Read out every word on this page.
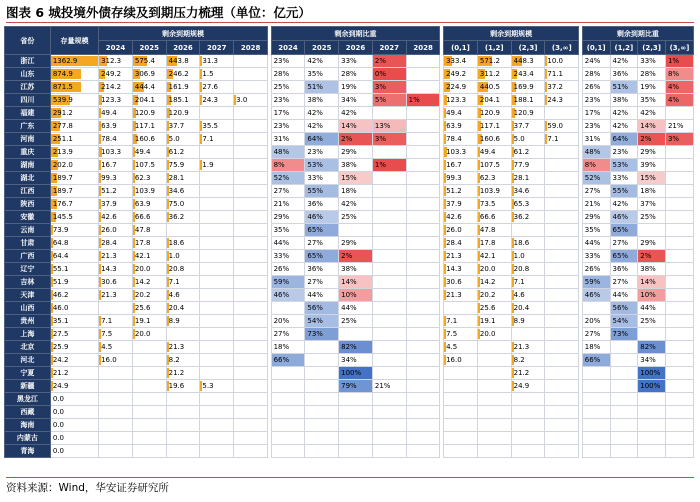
图表 6 城投境外债存续及到期压力梳理（单位：亿元）
省份	存量规模	剩余到期规模						剩余到期比重						剩余到期规模					剩余到期比重			
		2024	2025	2026	2027	2028		2024	2025	2026	2027	2028		(0,1]	(1,2]	(2,3]	(3,∞]		(0,1]	(1,2]	(2,3]	(3,∞]
浙江	1362.9	312.3	575.4	443.8	31.3			23%	42%	33%	2%			333.4	571.2	448.3	10.0		24%	42%	33%	1%
山东	874.9	249.2	306.9	246.2	1.5			28%	35%	28%	0%			249.2	311.2	243.4	71.1		28%	36%	28%	8%
江苏	871.5	214.2	444.4	161.9	27.6			25%	51%	19%	3%			224.9	440.5	169.9	37.2		26%	51%	19%	4%
四川	539.9	123.3	204.1	185.1	24.3	3.0		23%	38%	34%	5%	1%		123.3	204.1	188.1	24.3		23%	38%	35%	4%
福建	291.2	49.4	120.9	120.9				17%	42%	42%				49.4	120.9	120.9			17%	42%	42%	
广东	277.8	63.9	117.1	37.7	35.5			23%	42%	14%	13%			63.9	117.1	37.7	59.0		23%	42%	14%	21%
河南	251.1	78.4	160.6	5.0	7.1			31%	64%	2%	3%			78.4	160.6	5.0	7.1		31%	64%	2%	3%
重庆	213.9	103.3	49.4	61.2				48%	23%	29%				103.3	49.4	61.2			48%	23%	29%	
湖南	202.0	16.7	107.5	75.9	1.9			8%	53%	38%	1%			16.7	107.5	77.9			8%	53%	39%	
湖北	189.7	99.3	62.3	28.1				52%	33%	15%				99.3	62.3	28.1			52%	33%	15%	
江西	189.7	51.2	103.9	34.6				27%	55%	18%				51.2	103.9	34.6			27%	55%	18%	
陕西	176.7	37.9	63.9	75.0				21%	36%	42%				37.9	73.5	65.3			21%	42%	37%	
安徽	145.5	42.6	66.6	36.2				29%	46%	25%				42.6	66.6	36.2			29%	46%	25%	
云南	73.9	26.0	47.8					35%	65%					26.0	47.8				35%	65%		
甘肃	64.8	28.4	17.8	18.6				44%	27%	29%				28.4	17.8	18.6			44%	27%	29%	
广西	64.4	21.3	42.1	1.0				33%	65%	2%				21.3	42.1	1.0			33%	65%	2%	
辽宁	55.1	14.3	20.0	20.8				26%	36%	38%				14.3	20.0	20.8			26%	36%	38%	
吉林	51.9	30.6	14.2	7.1				59%	27%	14%				30.6	14.2	7.1			59%	27%	14%	
天津	46.2	21.3	20.2	4.6				46%	44%	10%				21.3	20.2	4.6			46%	44%	10%	
山西	46.0		25.6	20.4					56%	44%					25.6	20.4				56%	44%	
贵州	35.1	7.1	19.1	8.9				20%	54%	25%				7.1	19.1	8.9			20%	54%	25%	
上海	27.5	7.5	20.0					27%	73%					7.5	20.0				27%	73%		
北京	25.9	4.5		21.3				18%		82%				4.5		21.3			18%		82%	
河北	24.2	16.0		8.2				66%		34%				16.0		8.2			66%		34%	
宁夏	21.2			21.2						100%						21.2					100%	
新疆	24.9			19.6	5.3					79%	21%					24.9					100%	
黑龙江	0.0																					
西藏	0.0																					
海南	0.0																					
内蒙古	0.0																					
青海	0.0																					
资料来源：Wind，华安证券研究所
